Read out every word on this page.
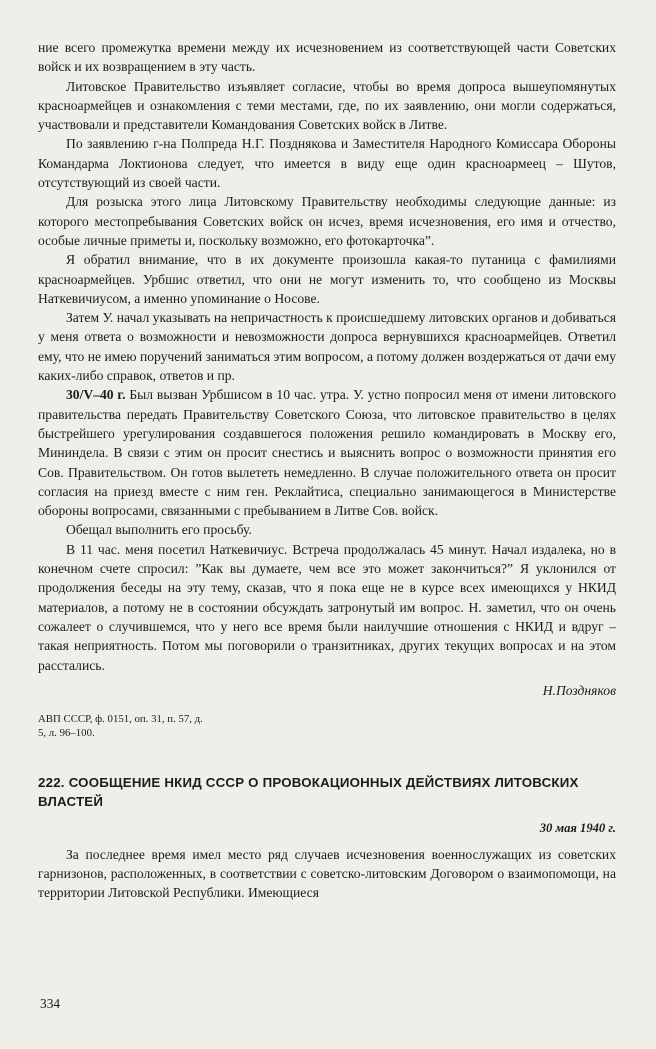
ние всего промежутка времени между их исчезновением из соответствующей части Советских войск и их возвращением в эту часть.

Литовское Правительство изъявляет согласие, чтобы во время допроса вышеупомянутых красноармейцев и ознакомления с теми местами, где, по их заявлению, они могли содержаться, участвовали и представители Командования Советских войск в Литве.

По заявлению г-на Полпреда Н.Г. Позднякова и Заместителя Народного Комиссара Обороны Командарма Локтионова следует, что имеется в виду еще один красноармеец – Шутов, отсутствующий из своей части.

Для розыска этого лица Литовскому Правительству необходимы следующие данные: из которого местопребывания Советских войск он исчез, время исчезновения, его имя и отчество, особые личные приметы и, поскольку возможно, его фотокарточка”.

Я обратил внимание, что в их документе произошла какая-то путаница с фамилиями красноармейцев. Урбшис ответил, что они не могут изменить то, что сообщено из Москвы Наткевичиусом, а именно упоминание о Носове.

Затем У. начал указывать на непричастность к происшедшему литовских органов и добиваться у меня ответа о возможности и невозможности допроса вернувшихся красноармейцев. Ответил ему, что не имею поручений заниматься этим вопросом, а потому должен воздержаться от дачи ему каких-либо справок, ответов и пр.

30/V–40 г. Был вызван Урбшисом в 10 час. утра. У. устно попросил меня от имени литовского правительства передать Правительству Советского Союза, что литовское правительство в целях быстрейшего урегулирования создавшегося положения решило командировать в Москву его, Мининдела. В связи с этим он просит снестись и выяснить вопрос о возможности принятия его Сов. Правительством. Он готов вылететь немедленно. В случае положительного ответа он просит согласия на приезд вместе с ним ген. Реклайтиса, специально занимающегося в Министерстве обороны вопросами, связанными с пребыванием в Литве Сов. войск.

Обещал выполнить его просьбу.

В 11 час. меня посетил Наткевичиус. Встреча продолжалась 45 минут. Начал издалека, но в конечном счете спросил: ”Как вы думаете, чем все это может закончиться?” Я уклонился от продолжения беседы на эту тему, сказав, что я пока еще не в курсе всех имеющихся у НКИД материалов, а потому не в состоянии обсуждать затронутый им вопрос. Н. заметил, что он очень сожалеет о случившемся, что у него все время были наилучшие отношения с НКИД и вдруг – такая неприятность. Потом мы поговорили о транзитниках, других текущих вопросах и на этом расстались.

Н.Поздняков
АВП СССР, ф. 0151, оп. 31, п. 57, д. 5, л. 96–100.
222. СООБЩЕНИЕ НКИД СССР О ПРОВОКАЦИОННЫХ ДЕЙСТВИЯХ ЛИТОВСКИХ ВЛАСТЕЙ
30 мая 1940 г.

За последнее время имел место ряд случаев исчезновения военнослужащих из советских гарнизонов, расположенных, в соответствии с советско-литовским Договором о взаимопомощи, на территории Литовской Республики. Имеющиеся

334
